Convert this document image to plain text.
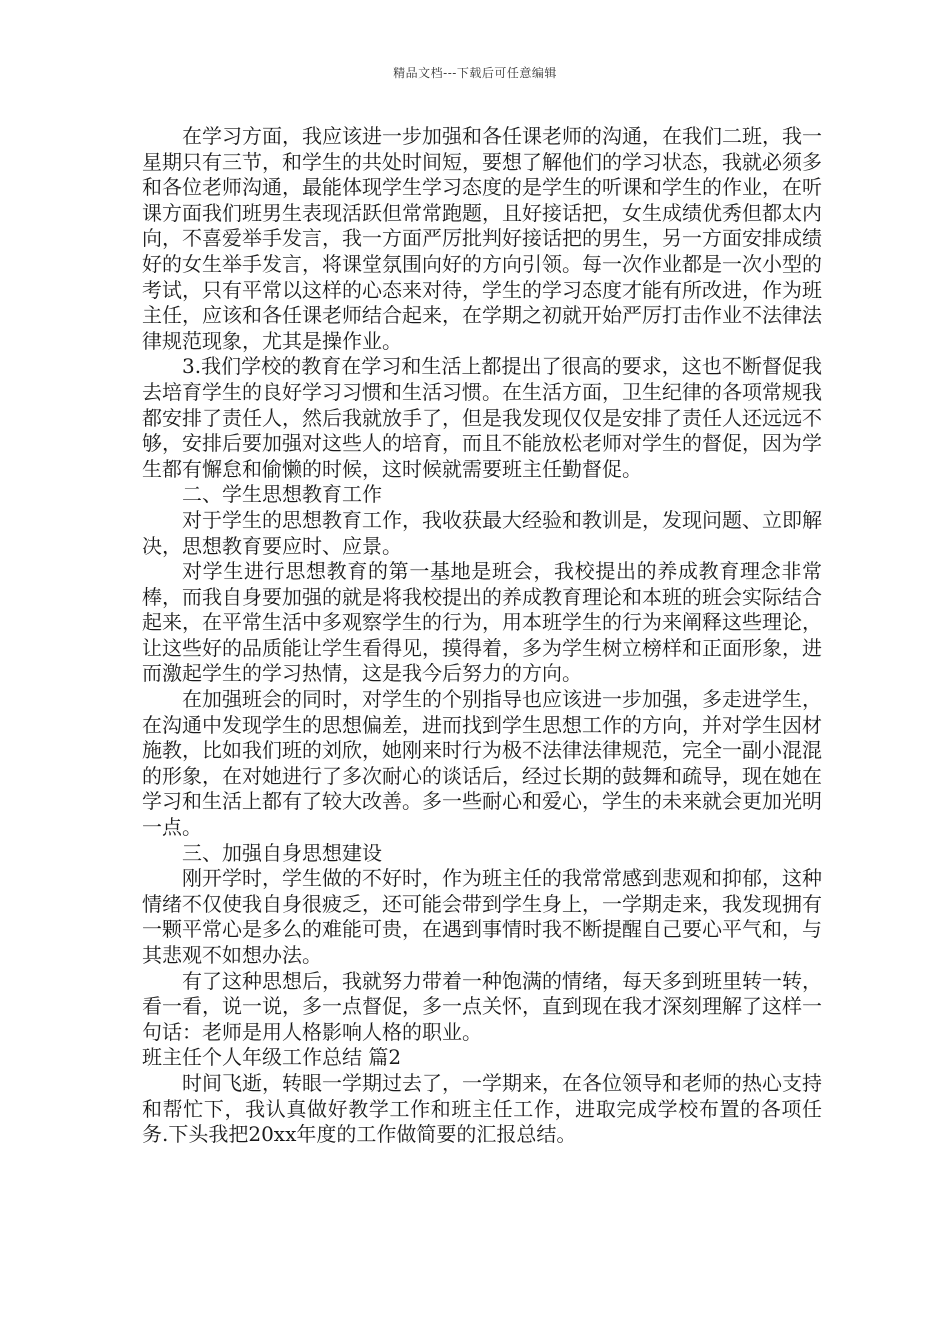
精品文档---下载后可任意编辑

在学习方面，我应该进一步加强和各任课老师的沟通，在我们二班，我一星期只有三节，和学生的共处时间短，要想了解他们的学习状态，我就必须多和各位老师沟通，最能体现学生学习态度的是学生的听课和学生的作业，在听课方面我们班男生表现活跃但常常跑题，且好接话把，女生成绩优秀但都太内向，不喜爱举手发言，我一方面严厉批判好接话把的男生，另一方面安排成绩好的女生举手发言，将课堂氛围向好的方向引领。每一次作业都是一次小型的考试，只有平常以这样的心态来对待，学生的学习态度才能有所改进，作为班主任，应该和各任课老师结合起来，在学期之初就开始严厉打击作业不法律法律规范现象，尤其是操作业。

3.我们学校的教育在学习和生活上都提出了很高的要求，这也不断督促我去培育学生的良好学习习惯和生活习惯。在生活方面，卫生纪律的各项常规我都安排了责任人，然后我就放手了，但是我发现仅仅是安排了责任人还远远不够，安排后要加强对这些人的培育，而且不能放松老师对学生的督促，因为学生都有懈怠和偷懒的时候，这时候就需要班主任勤督促。

二、学生思想教育工作

对于学生的思想教育工作，我收获最大经验和教训是，发现问题、立即解决，思想教育要应时、应景。

对学生进行思想教育的第一基地是班会，我校提出的养成教育理念非常棒，而我自身要加强的就是将我校提出的养成教育理论和本班的班会实际结合起来，在平常生活中多观察学生的行为，用本班学生的行为来阐释这些理论，让这些好的品质能让学生看得见，摸得着，多为学生树立榜样和正面形象，进而激起学生的学习热情，这是我今后努力的方向。

在加强班会的同时，对学生的个别指导也应该进一步加强，多走进学生，在沟通中发现学生的思想偏差，进而找到学生思想工作的方向，并对学生因材施教，比如我们班的刘欣，她刚来时行为极不法律法律规范，完全一副小混混的形象，在对她进行了多次耐心的谈话后，经过长期的鼓舞和疏导，现在她在学习和生活上都有了较大改善。多一些耐心和爱心，学生的未来就会更加光明一点。

三、加强自身思想建设

刚开学时，学生做的不好时，作为班主任的我常常感到悲观和抑郁，这种情绪不仅使我自身很疲乏，还可能会带到学生身上，一学期走来，我发现拥有一颗平常心是多么的难能可贵，在遇到事情时我不断提醒自己要心平气和，与其悲观不如想办法。

有了这种思想后，我就努力带着一种饱满的情绪，每天多到班里转一转，看一看，说一说，多一点督促，多一点关怀，直到现在我才深刻理解了这样一句话：老师是用人格影响人格的职业。

班主任个人年级工作总结 篇2

时间飞逝，转眼一学期过去了，一学期来，在各位领导和老师的热心支持和帮忙下，我认真做好教学工作和班主任工作，进取完成学校布置的各项任务.下头我把20xx年度的工作做简要的汇报总结。
